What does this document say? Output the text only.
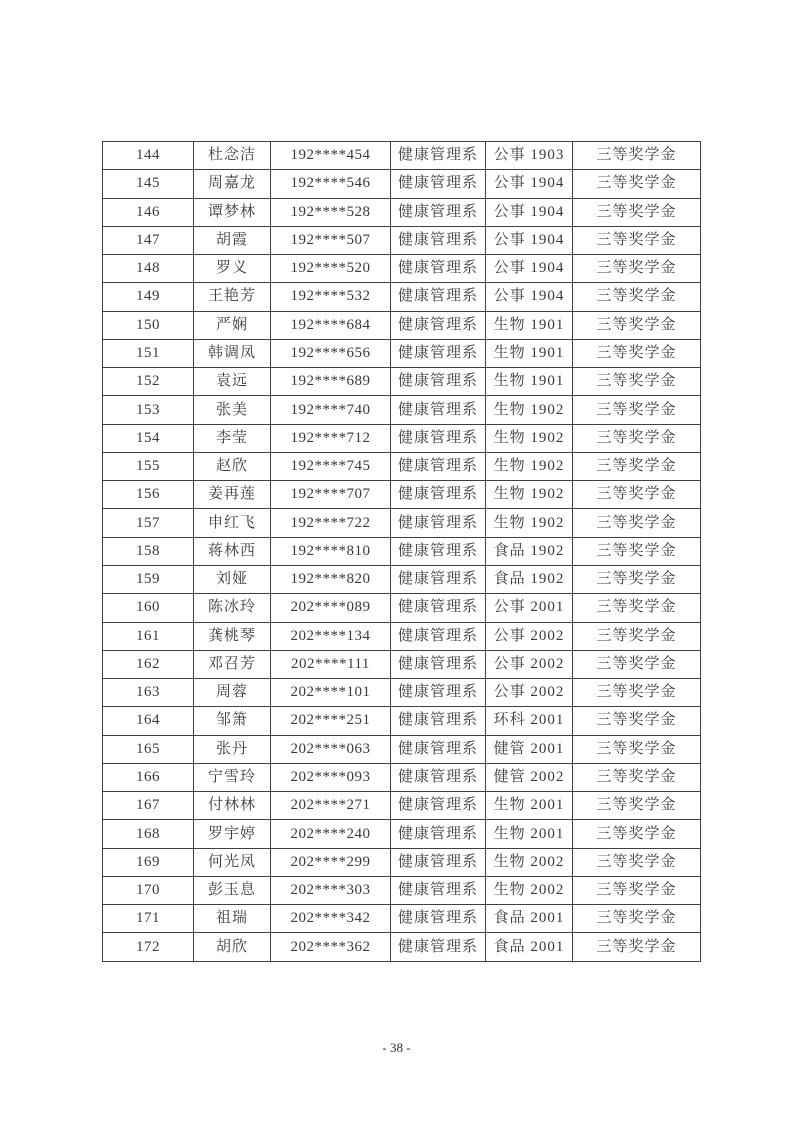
144	杜念洁	192****454	健康管理系	公事 1903	三等奖学金
145	周嘉龙	192****546	健康管理系	公事 1904	三等奖学金
146	谭梦林	192****528	健康管理系	公事 1904	三等奖学金
147	胡霞	192****507	健康管理系	公事 1904	三等奖学金
148	罗义	192****520	健康管理系	公事 1904	三等奖学金
149	王艳芳	192****532	健康管理系	公事 1904	三等奖学金
150	严娴	192****684	健康管理系	生物 1901	三等奖学金
151	韩调凤	192****656	健康管理系	生物 1901	三等奖学金
152	袁远	192****689	健康管理系	生物 1901	三等奖学金
153	张美	192****740	健康管理系	生物 1902	三等奖学金
154	李莹	192****712	健康管理系	生物 1902	三等奖学金
155	赵欣	192****745	健康管理系	生物 1902	三等奖学金
156	姜再莲	192****707	健康管理系	生物 1902	三等奖学金
157	申红飞	192****722	健康管理系	生物 1902	三等奖学金
158	蒋林西	192****810	健康管理系	食品 1902	三等奖学金
159	刘娅	192****820	健康管理系	食品 1902	三等奖学金
160	陈冰玲	202****089	健康管理系	公事 2001	三等奖学金
161	龚桃琴	202****134	健康管理系	公事 2002	三等奖学金
162	邓召芳	202****111	健康管理系	公事 2002	三等奖学金
163	周蓉	202****101	健康管理系	公事 2002	三等奖学金
164	邹箫	202****251	健康管理系	环科 2001	三等奖学金
165	张丹	202****063	健康管理系	健管 2001	三等奖学金
166	宁雪玲	202****093	健康管理系	健管 2002	三等奖学金
167	付林林	202****271	健康管理系	生物 2001	三等奖学金
168	罗宇婷	202****240	健康管理系	生物 2001	三等奖学金
169	何光凤	202****299	健康管理系	生物 2002	三等奖学金
170	彭玉息	202****303	健康管理系	生物 2002	三等奖学金
171	祖瑞	202****342	健康管理系	食品 2001	三等奖学金
172	胡欣	202****362	健康管理系	食品 2001	三等奖学金
- 38 -
